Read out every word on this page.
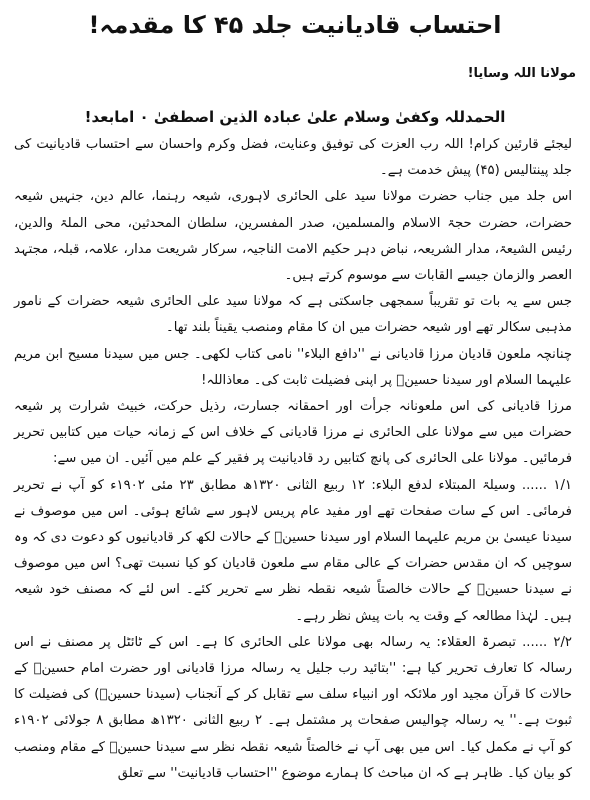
احتساب قادیانیت جلد ۴۵ کا مقدمہ!
مولانا اللہ وسایا!
الحمدللہ وکفیٰ وسلام علیٰ عبادہ الذین اصطفیٰ ۰ امابعد!

لیجئے قارئین کرام! اللہ رب العزت کی توفیق وعنایت، فضل وکرم واحسان سے احتساب قادیانیت کی جلد پینتالیس (۴۵) پیش خدمت ہے۔

اس جلد میں جناب حضرت مولانا سید علی الحائری لاہوری، شیعہ رہنما، عالم دین، جنہیں شیعہ حضرات، حضرت حجۃ الاسلام والمسلمین، صدر المفسرین، سلطان المحدثین، محی الملۃ والدین، رئیس الشیعۃ، مدار الشریعہ، نباض دہر حکیم الامت الناجیہ، سرکار شریعت مدار، علامہ، قبلہ، مجتہد العصر والزمان جیسے القابات سے موسوم کرتے ہیں۔

جس سے یہ بات تو تقریباً سمجھی جاسکتی ہے کہ مولانا سید علی الحائری شیعہ حضرات کے نامور مذہبی سکالر تھے اور شیعہ حضرات میں ان کا مقام ومنصب یقیناً بلند تھا۔

چنانچہ ملعون قادیان مرزا قادیانی نے ''دافع البلاء'' نامی کتاب لکھی۔ جس میں سیدنا مسیح ابن مریم علیہما السلام اور سیدنا حسینؓ پر اپنی فضیلت ثابت کی۔ معاذاللہ!

مرزا قادیانی کی اس ملعونانہ جرأت اور احمقانہ جسارت، رذیل حرکت، خبیث شرارت پر شیعہ حضرات میں سے مولانا علی الحائری نے مرزا قادیانی کے خلاف اس کے زمانہ حیات میں کتابیں تحریر فرمائیں۔ مولانا علی الحائری کی پانچ کتابیں رد قادیانیت پر فقیر کے علم میں آئیں۔ ان میں سے:

۱/۱ ...... وسیلۃ المبتلاء لدفع البلاء: ۱۲ ربیع الثانی ۱۳۲۰ھ مطابق ۲۳ مئی ۱۹۰۲ء کو آپ نے تحریر فرمائی۔ اس کے سات صفحات تھے اور مفید عام پریس لاہور سے شائع ہوئی۔ اس میں موصوف نے سیدنا عیسیٰ بن مریم علیہما السلام اور سیدنا حسینؓ کے حالات لکھ کر قادیانیوں کو دعوت دی کہ وہ سوچیں کہ ان مقدس حضرات کے عالی مقام سے ملعون قادیان کو کیا نسبت تھی؟ اس میں موصوف نے سیدنا حسینؓ کے حالات خالصتاً شیعہ نقطہ نظر سے تحریر کئے۔ اس لئے کہ مصنف خود شیعہ ہیں۔ لہٰذا مطالعہ کے وقت یہ بات پیش نظر رہے۔

۲/۲ ...... تبصرۃ العقلاء: یہ رسالہ بھی مولانا علی الحائری کا ہے۔ اس کے ٹائٹل پر مصنف نے اس رسالہ کا تعارف تحریر کیا ہے: ''بتائید رب جلیل یہ رسالہ مرزا قادیانی اور حضرت امام حسینؓ کے حالات کا قرآن مجید اور ملائکہ اور انبیاء سلف سے تقابل کر کے آنجناب (سیدنا حسینؓ) کی فضیلت کا ثبوت ہے۔'' یہ رسالہ چوالیس صفحات پر مشتمل ہے۔ ۲ ربیع الثانی ۱۳۲۰ھ مطابق ۸ جولائی ۱۹۰۲ء کو آپ نے مکمل کیا۔ اس میں بھی آپ نے خالصتاً شیعہ نقطہ نظر سے سیدنا حسینؓ کے مقام ومنصب کو بیان کیا۔ ظاہر ہے کہ ان مباحث کا ہمارے موضوع ''احتساب قادیانیت'' سے تعلق
